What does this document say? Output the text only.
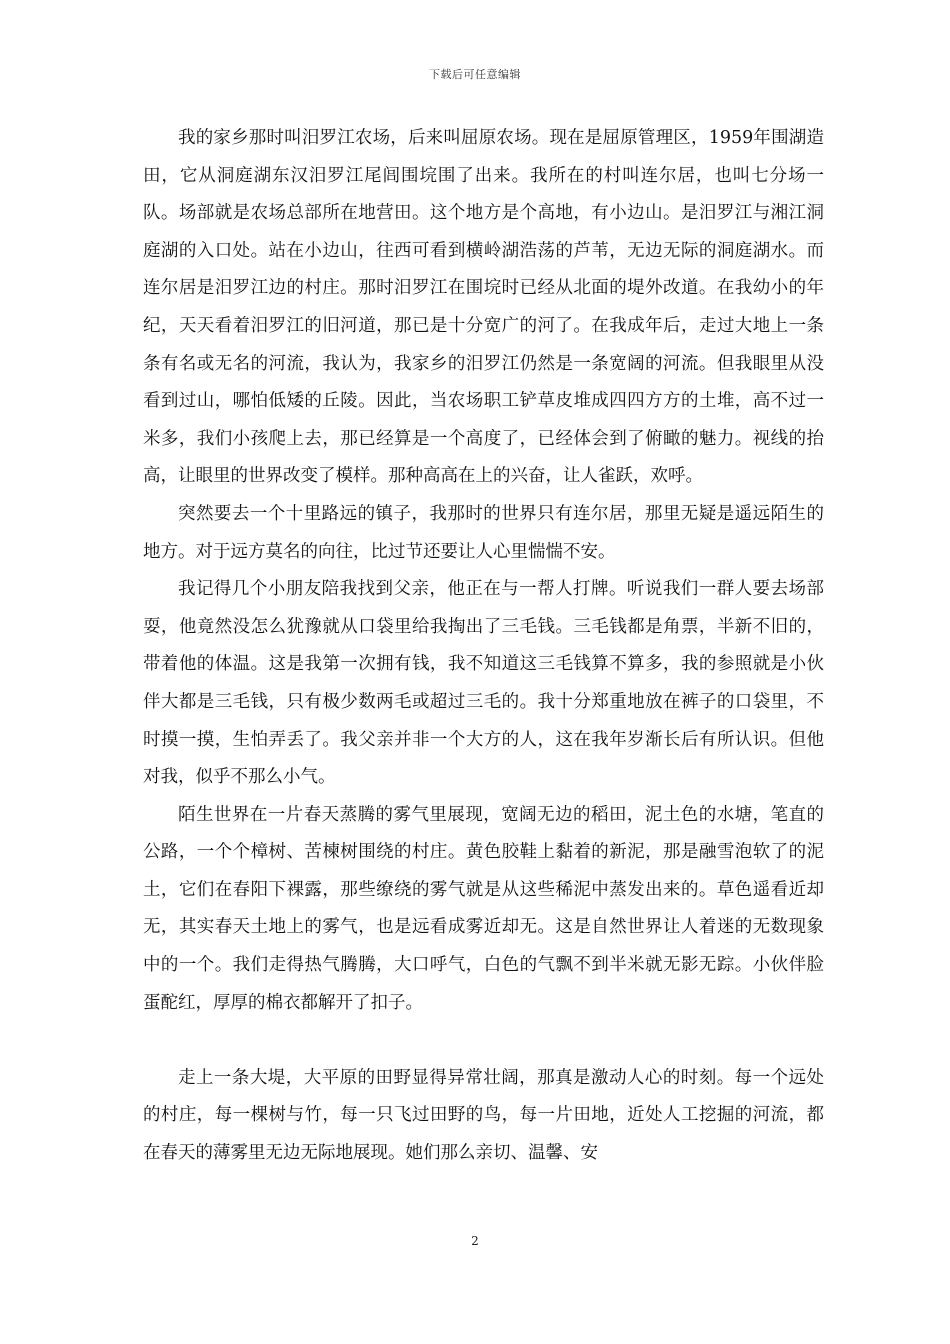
下载后可任意编辑

我的家乡那时叫汨罗江农场，后来叫屈原农场。现在是屈原管理区，1959年围湖造田，它从洞庭湖东汉汨罗江尾闾围垸围了出来。我所在的村叫连尔居，也叫七分场一队。场部就是农场总部所在地营田。这个地方是个高地，有小边山。是汨罗江与湘江洞庭湖的入口处。站在小边山，往西可看到横岭湖浩荡的芦苇，无边无际的洞庭湖水。而连尔居是汨罗江边的村庄。那时汨罗江在围垸时已经从北面的堤外改道。在我幼小的年纪，天天看着汨罗江的旧河道，那已是十分宽广的河了。在我成年后，走过大地上一条条有名或无名的河流，我认为，我家乡的汨罗江仍然是一条宽阔的河流。但我眼里从没看到过山，哪怕低矮的丘陵。因此，当农场职工铲草皮堆成四四方方的土堆，高不过一米多，我们小孩爬上去，那已经算是一个高度了，已经体会到了俯瞰的魅力。视线的抬高，让眼里的世界改变了模样。那种高高在上的兴奋，让人雀跃，欢呼。

突然要去一个十里路远的镇子，我那时的世界只有连尔居，那里无疑是遥远陌生的地方。对于远方莫名的向往，比过节还要让人心里惴惴不安。

我记得几个小朋友陪我找到父亲，他正在与一帮人打牌。听说我们一群人要去场部耍，他竟然没怎么犹豫就从口袋里给我掏出了三毛钱。三毛钱都是角票，半新不旧的，带着他的体温。这是我第一次拥有钱，我不知道这三毛钱算不算多，我的参照就是小伙伴大都是三毛钱，只有极少数两毛或超过三毛的。我十分郑重地放在裤子的口袋里，不时摸一摸，生怕弄丢了。我父亲并非一个大方的人，这在我年岁渐长后有所认识。但他对我，似乎不那么小气。

陌生世界在一片春天蒸腾的雾气里展现，宽阔无边的稻田，泥土色的水塘，笔直的公路，一个个樟树、苦楝树围绕的村庄。黄色胶鞋上黏着的新泥，那是融雪泡软了的泥土，它们在春阳下裸露，那些缭绕的雾气就是从这些稀泥中蒸发出来的。草色遥看近却无，其实春天土地上的雾气，也是远看成雾近却无。这是自然世界让人着迷的无数现象中的一个。我们走得热气腾腾，大口呼气，白色的气飘不到半米就无影无踪。小伙伴脸蛋酡红，厚厚的棉衣都解开了扣子。

走上一条大堤，大平原的田野显得异常壮阔，那真是激动人心的时刻。每一个远处的村庄，每一棵树与竹，每一只飞过田野的鸟，每一片田地，近处人工挖掘的河流，都在春天的薄雾里无边无际地展现。她们那么亲切、温馨、安

2
